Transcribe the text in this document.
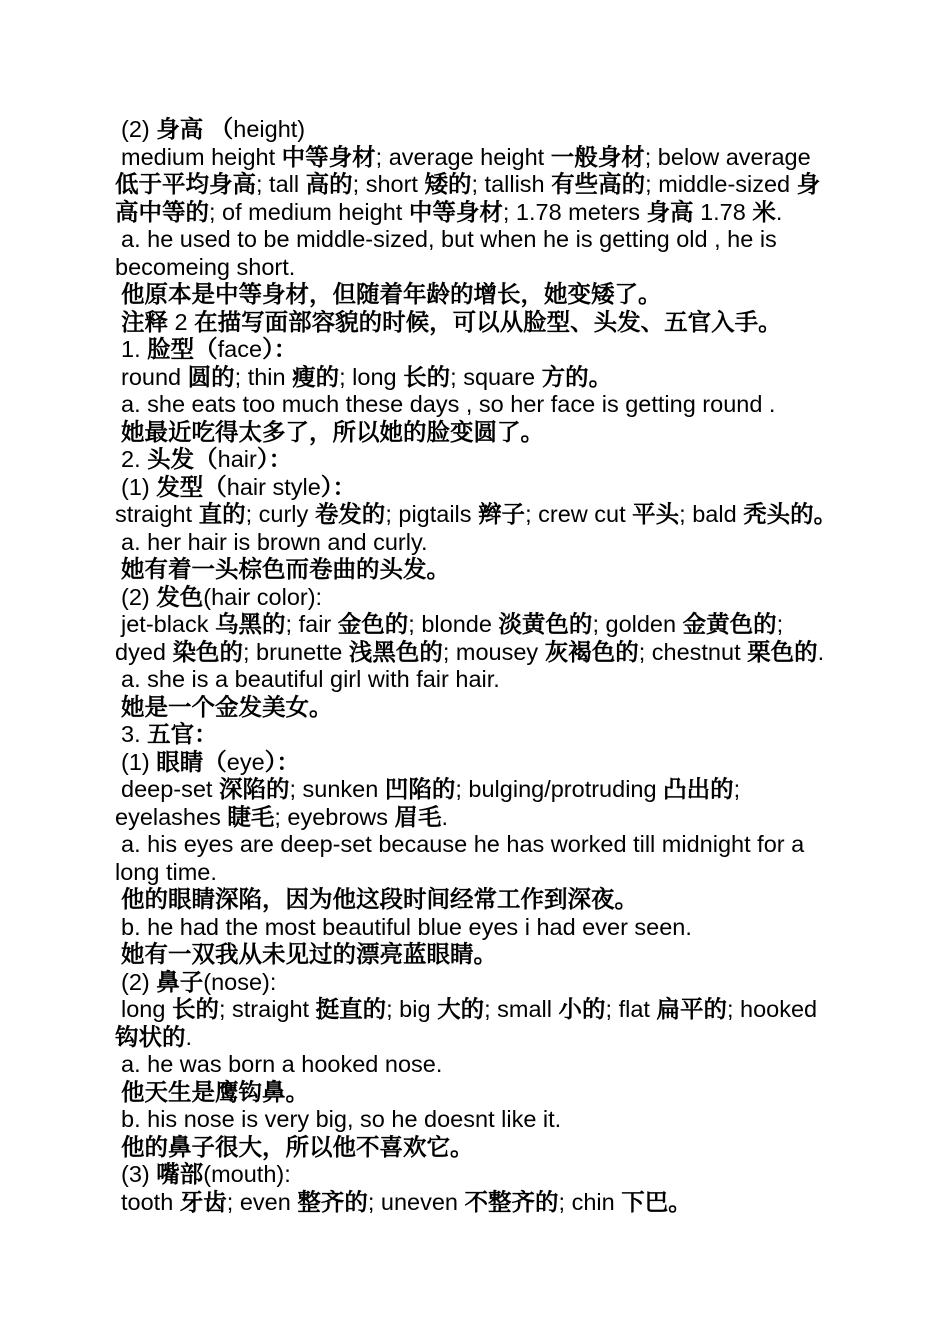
(2) 身高 （height)
medium height 中等身材; average height 一般身材; below average
低于平均身高; tall 高的; short 矮的; tallish 有些高的; middle-sized 身
高中等的; of medium height 中等身材; 1.78 meters 身高 1.78 米.
a. he used to be middle-sized, but when he is getting old , he is
becomeing short.
他原本是中等身材，但随着年龄的增长，她变矮了。
注释 2 在描写面部容貌的时候，可以从脸型、头发、五官入手。
1. 脸型（face）：
round 圆的; thin 瘦的; long 长的; square 方的。
a. she eats too much these days , so her face is getting round .
她最近吃得太多了，所以她的脸变圆了。
2. 头发（hair）：
(1) 发型（hair style）：
straight 直的; curly 卷发的; pigtails 辫子; crew cut 平头; bald 秃头的。
a. her hair is brown and curly.
她有着一头棕色而卷曲的头发。
(2) 发色(hair color):
jet-black 乌黑的; fair 金色的; blonde 淡黄色的; golden 金黄色的;
dyed 染色的; brunette 浅黑色的; mousey 灰褐色的; chestnut 栗色的.
a. she is a beautiful girl with fair hair.
她是一个金发美女。
3. 五官：
(1) 眼睛（eye）：
deep-set 深陷的; sunken 凹陷的; bulging/protruding 凸出的;
eyelashes 睫毛; eyebrows 眉毛.
a. his eyes are deep-set because he has worked till midnight for a
long time.
他的眼睛深陷，因为他这段时间经常工作到深夜。
b. he had the most beautiful blue eyes i had ever seen.
她有一双我从未见过的漂亮蓝眼睛。
(2) 鼻子(nose):
long 长的; straight 挺直的; big 大的; small 小的; flat 扁平的; hooked
钩状的.
a. he was born a hooked nose.
他天生是鹰钩鼻。
b. his nose is very big, so he doesnt like it.
他的鼻子很大，所以他不喜欢它。
(3) 嘴部(mouth):
tooth 牙齿; even 整齐的; uneven 不整齐的; chin 下巴。
